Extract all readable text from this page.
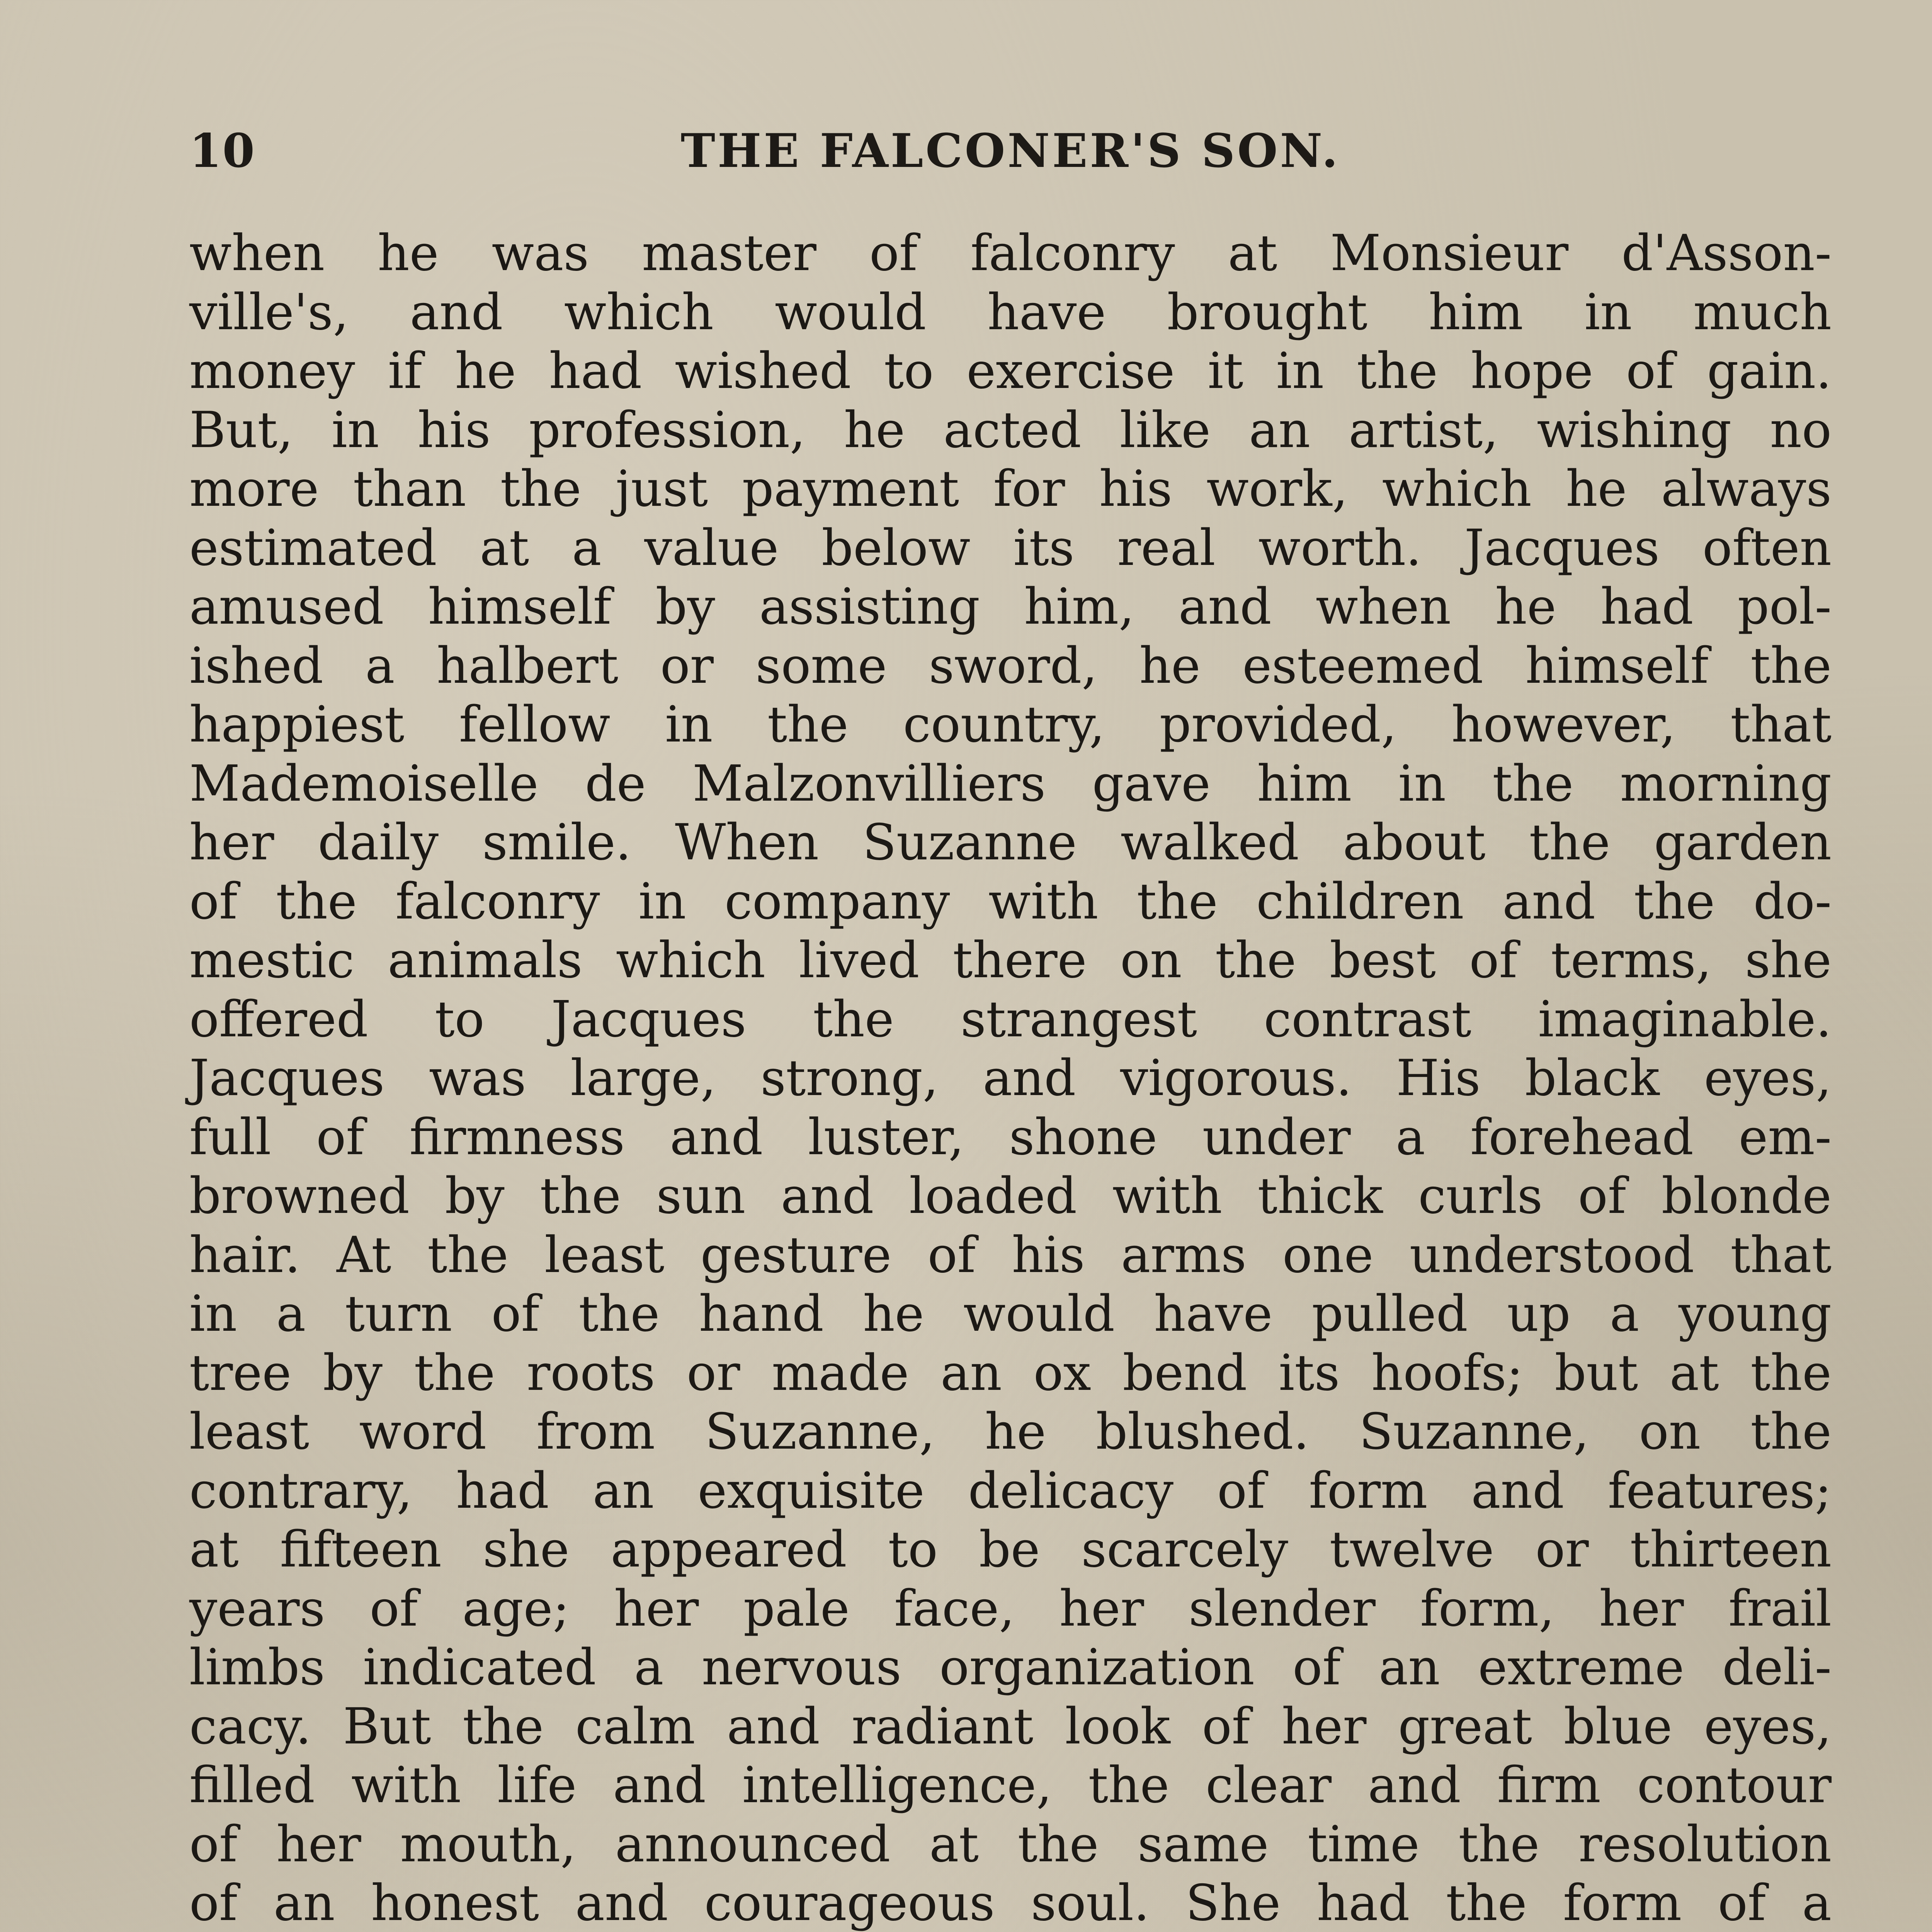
10	THE FALCONER'S SON.

when he was master of falconry at Monsieur d'Asson-

ville's, and which would have brought him in much

money if he had wished to exercise it in the hope of gain.

But, in his profession, he acted like an artist, wishing no

more than the just payment for his work, which he always

estimated at a value below its real worth. Jacques often

amused himself by assisting him, and when he had pol-

ished a halbert or some sword, he esteemed himself the

happiest fellow in the country, provided, however, that

Mademoiselle de Malzonvilliers gave him in the morning

her daily smile. When Suzanne walked about the garden

of the falconry in company with the children and the do-

mestic animals which lived there on the best of terms, she

offered to Jacques the strangest contrast imaginable.

Jacques was large, strong, and vigorous. His black eyes,

full of firmness and luster, shone under a forehead em-

browned by the sun and loaded with thick curls of blonde

hair. At the least gesture of his arms one understood that

in a turn of the hand he would have pulled up a young

tree by the roots or made an ox bend its hoofs; but at the

least word from Suzanne, he blushed. Suzanne, on the

contrary, had an exquisite delicacy of form and features;

at fifteen she appeared to be scarcely twelve or thirteen

years of age; her pale face, her slender form, her frail

limbs indicated a nervous organization of an extreme deli-

cacy. But the calm and radiant look of her great blue eyes,

filled with life and intelligence, the clear and firm contour

of her mouth, announced at the same time the resolution

of an honest and courageous soul. She had the form of a
